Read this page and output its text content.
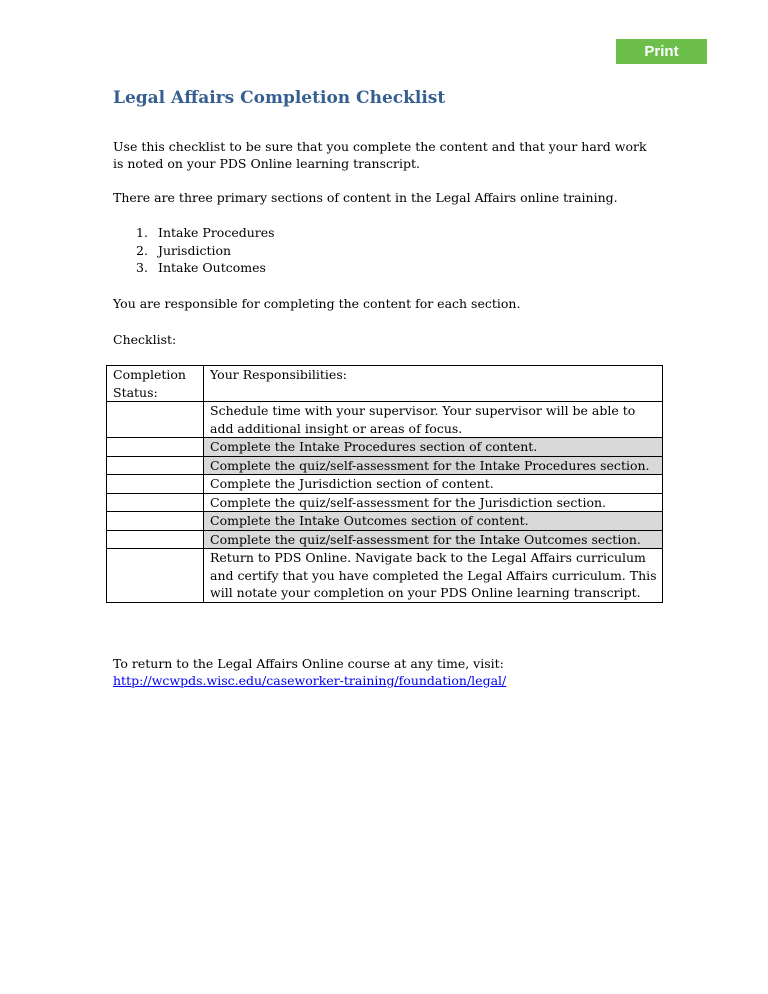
Print
Legal Affairs Completion Checklist

Use this checklist to be sure that you complete the content and that your hard work is noted on your PDS Online learning transcript.

There are three primary sections of content in the Legal Affairs online training.

1. Intake Procedures
2. Jurisdiction
3. Intake Outcomes

You are responsible for completing the content for each section.

Checklist:

Completion Status:	Your Responsibilities:
	Schedule time with your supervisor. Your supervisor will be able to add additional insight or areas of focus.
	Complete the Intake Procedures section of content.
	Complete the quiz/self-assessment for the Intake Procedures section.
	Complete the Jurisdiction section of content.
	Complete the quiz/self-assessment for the Jurisdiction section.
	Complete the Intake Outcomes section of content.
	Complete the quiz/self-assessment for the Intake Outcomes section.
	Return to PDS Online. Navigate back to the Legal Affairs curriculum and certify that you have completed the Legal Affairs curriculum. This will notate your completion on your PDS Online learning transcript.
To return to the Legal Affairs Online course at any time, visit:
http://wcwpds.wisc.edu/caseworker-training/foundation/legal/
